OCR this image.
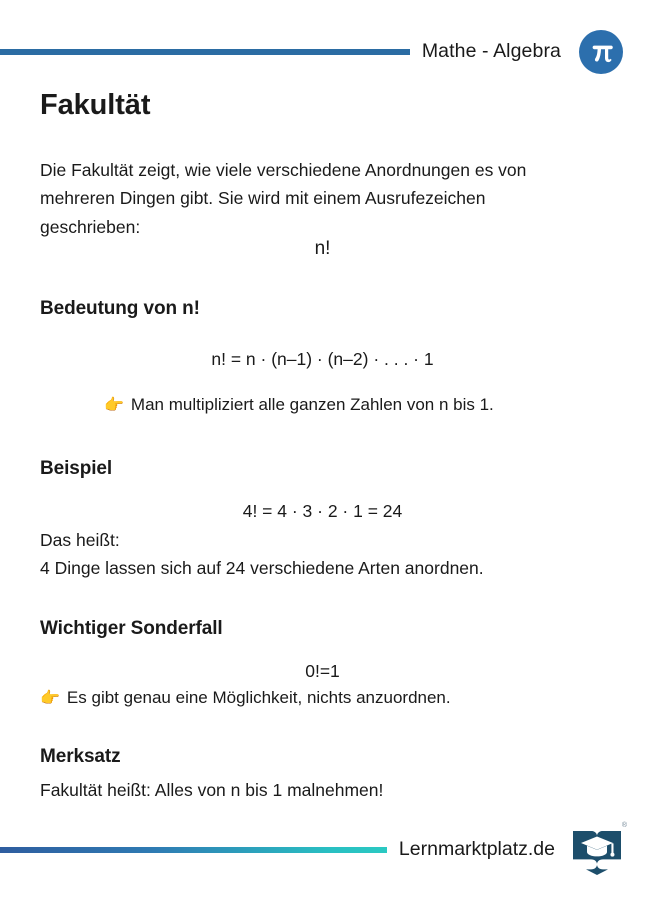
Mathe - Algebra
Fakultät

Die Fakultät zeigt, wie viele verschiedene Anordnungen es von mehreren Dingen gibt. Sie wird mit einem Ausrufezeichen geschrieben:

n!

Bedeutung von n!

n! = n · (n–1) · (n–2) · . . . · 1

👉 Man multipliziert alle ganzen Zahlen von n bis 1.
Beispiel

4! = 4 · 3 · 2 · 1 = 24

Das heißt:

4 Dinge lassen sich auf 24 verschiedene Arten anordnen.

Wichtiger Sonderfall

0!=1

👉 Es gibt genau eine Möglichkeit, nichts anzuordnen.
Merksatz

Fakultät heißt: Alles von n bis 1 malnehmen!

Lernmarktplatz.de
®
